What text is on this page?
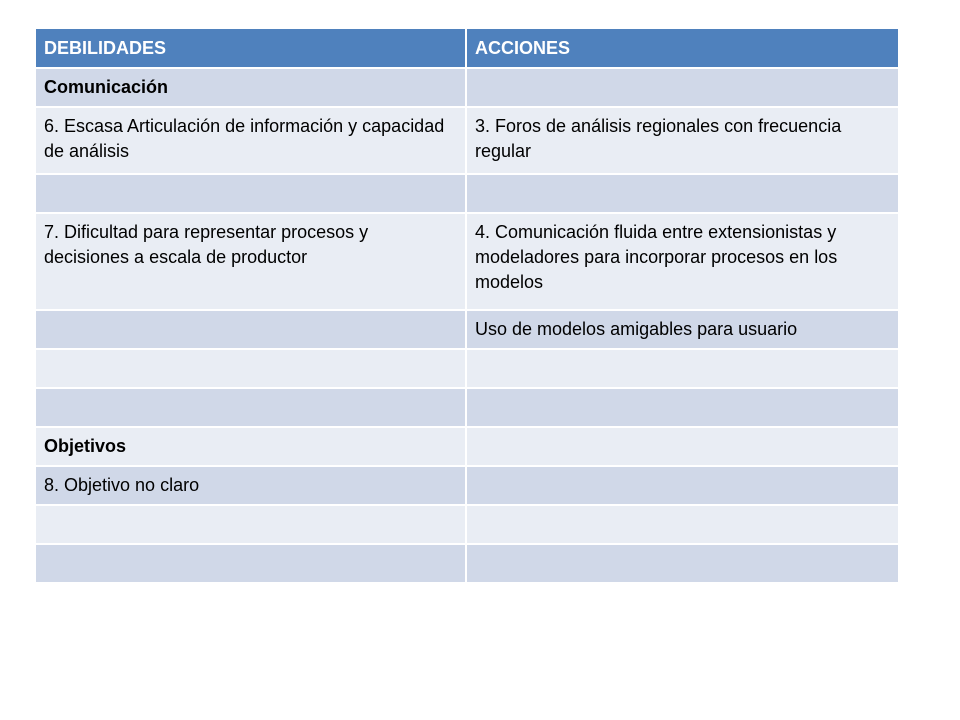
DEBILIDADES	ACCIONES
Comunicación	
6. Escasa Articulación de información y capacidad de análisis	3. Foros de análisis regionales con frecuencia regular

7. Dificultad para representar procesos y decisiones a escala de productor	4. Comunicación fluida entre extensionistas y modeladores para incorporar procesos en los modelos
	Uso de modelos amigables para usuario

Objetivos	
8. Objetivo no claro	
